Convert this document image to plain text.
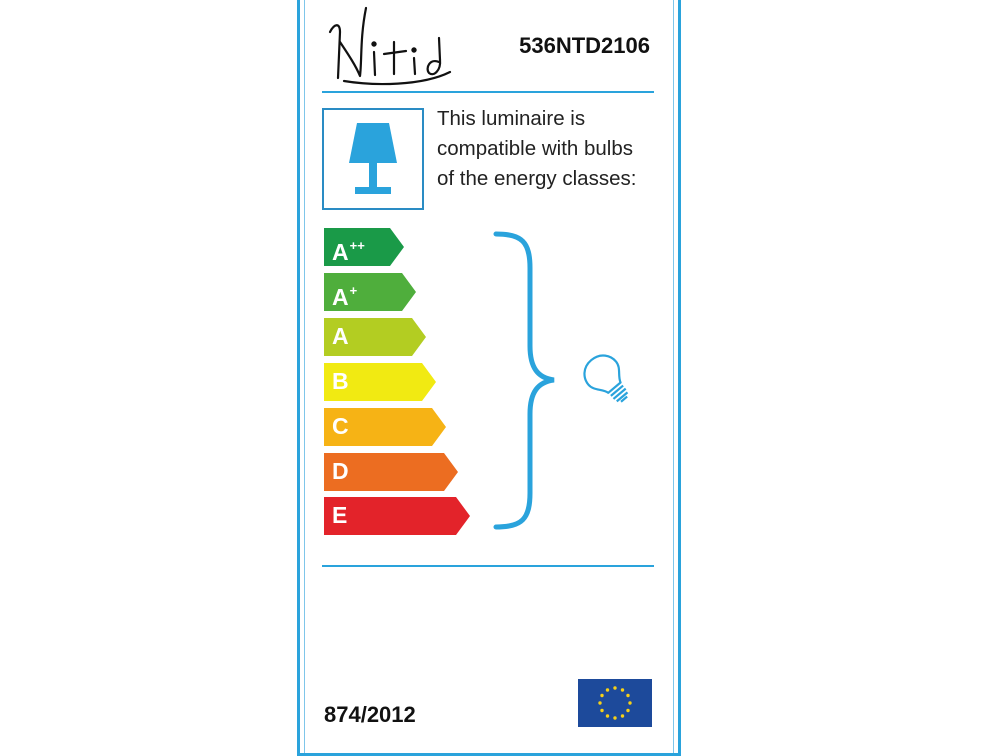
536NTD2106
This luminaire is
compatible with bulbs
of the energy classes:
A++
A+
A
B
C
D
E
874/2012
